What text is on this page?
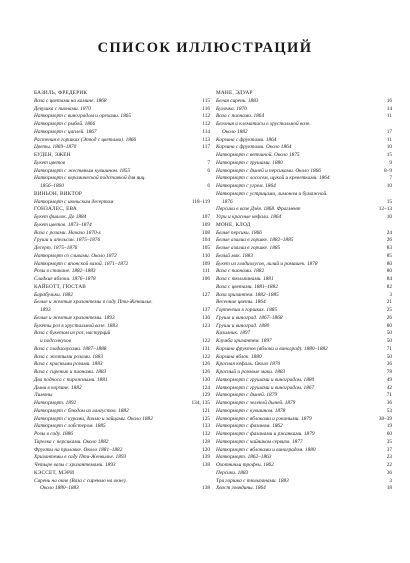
СПИСОК ИЛЛЮСТРАЦИЙ
БАЗИЛЬ, ФРЕДЕРИК
Ваза с цветами на камине. 1868	115
Девушка с пионами. 1870	116
Натюрморт с виноградом и орехами. 1865	112
Натюрморт с рыбой. 1866	112
Натюрморт с цаплей. 1867	114
Растения в горшках (Этюд с цветами). 1866	113
Цветы. 1869–1870	117
БУДЕН, ЭЖЕН
Букет цветов	7
Натюрморт с жестяным кувшином. 1855	6
Натюрморт с керамической подставкой для яиц.
1856–1860	6
ВИНЬОН, ВИКТОР
Натюрморт с июньским десертом	118–119
ГОНЗАЛЕС, ЕВА
Букет фиалок. До 1884	107
Букет цветов. 1873–1874	109
Ваза с розами. Начало 1870-х	108
Груши и апельсин. 1875–1876	104
Десерт. 1875–1876	105
Натюрморт со сливами. Около 1872	110
Натюрморт с японской вазой. 1871–1872	109
Розы в стакане. 1882–1883	111
Сладкие яблоки. 1876–1878	106
КАЙБОТТ, ГЮСТАВ
Барабульки. 1882	127
Белые и желтые хризантемы в саду Пти-Женвилье.
1893	137
Белые и желтые хризантемы. 1893	136
Букеты роз в хрустальной вазе. 1883	123
Ваза с букетом из роз, настурций
и подсолнухов	122
Ваза с гладиолусами. 1887–1888	131
Ваза с желтыми розами. 1883	122
Ваза с красными розами. 1883	126
Ваза с сиренью и пионами. 1883	126
Два подноса с пирожными. 1881	130
Дыни в корзине. 1882	124
Лимоны	129
Натюрморт. 1892	134, 135
Натюрморт с блюдом из лангустов. 1882	121
Натюрморт с курами, дичью и зайцами. Около 1882	125
Натюрморт с лобстером. 1885	133
Розы в саду. 1886	132
Тарелка с персиками. Около 1882	128
Фрукты на прилавке. Около 1881–1882	120
Хризантемы в саду Пти-Женвилье. 1893	139
Четыре вазы с хризантемами. 1893	138
КЭССЕТ, МЭРИ
Сирень на окне (Ваза с сиренью на окне).
Около 1880–1883	138
МАНЕ, ЭДУАР
Белая сирень. 1883	16
Булочка. 1870	14
Ваза с пионами. 1864	11
Бегония и клематисы в хрустальной вазе.
Около 1882	17
Корзина с фруктами. 1864	11
Корзина с фруктами. Около 1864	10
Натюрморт с ветчиной. Около 1875	15
Натюрморт с грушами. 1880	9
Натюрморт с дыней и персиками. Около 1866	8–9
Натюрморт с лососем, щукой и креветками. 1864	7
Натюрморт с угрем. 1864	10
Натюрморт с устрицами, лимоном и бумажной.
1876	15
Персики в вазе Дзёя. 1868. Фрагмент	12–13
Угри и красные кефали. 1864	10
МОНЕ, КЛОД
Белые персики. 1866	24
Белые азалии в горшке. 1882–1885	26
Белые азалии в горшке. 1885	83
Белый мак. 1883	85
Букет из гладиолусов, лилий и ромашек. 1878	80
Ваза с пионами. 1882	80
Ваза с тюльпанами. 1881	84
Ваза с цветами. 1881–1882	82
Ваза хризантем. 1882–1885	3
Весенние цветы. 1864	21
Гортензии в горшках. 1885	25
Груша и виноград. 1867–1868	26
Груши и виноград. 1880	80
Кизилник. 1897	50
Клумба хризантем. 1897	50
Корзина фруктов (яблоки и виноград). 1880–1882	71
Корзина яблок. 1880	50
Красная кефаль. Около 1870	36
Красный и розовые маки. 1883	78
Натюрморт с грушами и виноградом. 1880	49
Натюрморт с грушами и виноградом. 1867	42
Натюрморт с дыней. 1879	71
Натюрморт с зеленой дыней. 1879	36
Натюрморт с кувшином. 1878	53
Натюрморт с яблоками и ржаными. 1879	38–39
Натюрморт с фазаном. 1862	19
Натюрморт с фазанами и ржанками. 1879	60
Натюрморт с чайником сервиза. 1877	35
Натюрморт с яблоками и виноградом. 1880	37
Натюрморт. 1862–1863	23
Охотничьи трофеи. 1862	22
Персики. 1883	36
Три горшка с тюльпанами. 1883	3
Хвост говядины. 1864	18
